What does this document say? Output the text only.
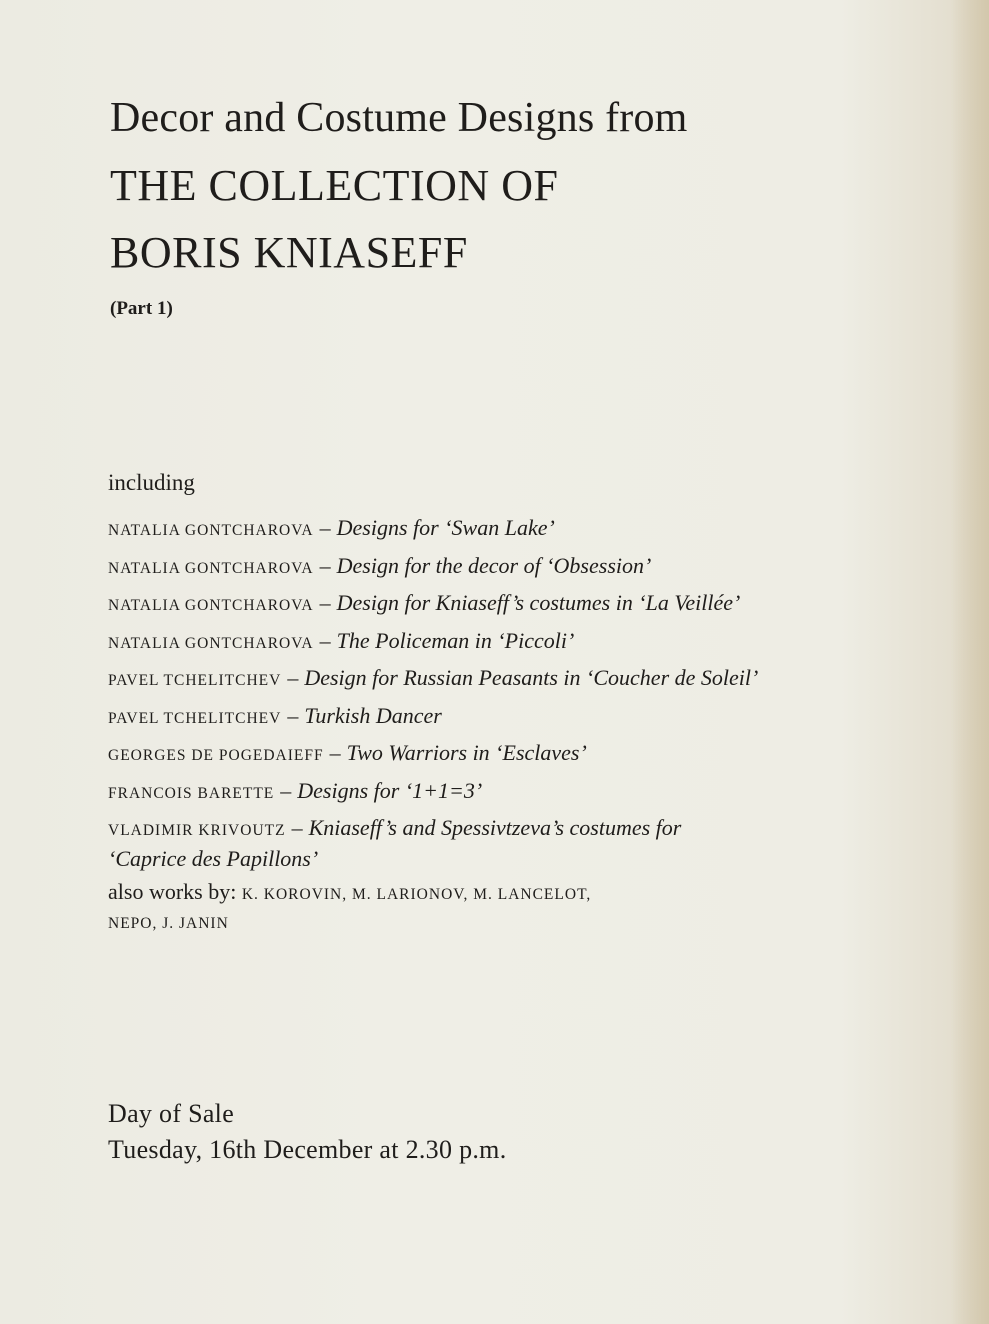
Decor and Costume Designs from
THE COLLECTION OF
BORIS KNIASEFF

(Part 1)

including

NATALIA GONTCHAROVA – Designs for ‘Swan Lake’
NATALIA GONTCHAROVA – Design for the decor of ‘Obsession’
NATALIA GONTCHAROVA – Design for Kniaseff’s costumes in ‘La Veillée’
NATALIA GONTCHAROVA – The Policeman in ‘Piccoli’
PAVEL TCHELITCHEV – Design for Russian Peasants in ‘Coucher de Soleil’
PAVEL TCHELITCHEV – Turkish Dancer
GEORGES DE POGEDAIEFF – Two Warriors in ‘Esclaves’
FRANCOIS BARETTE – Designs for ‘1+1=3’
VLADIMIR KRIVOUTZ – Kniaseff’s and Spessivtzeva’s costumes for
‘Caprice des Papillons’
also works by: K. KOROVIN, M. LARIONOV, M. LANCELOT,
NEPO, J. JANIN
Day of Sale
Tuesday, 16th December at 2.30 p.m.
